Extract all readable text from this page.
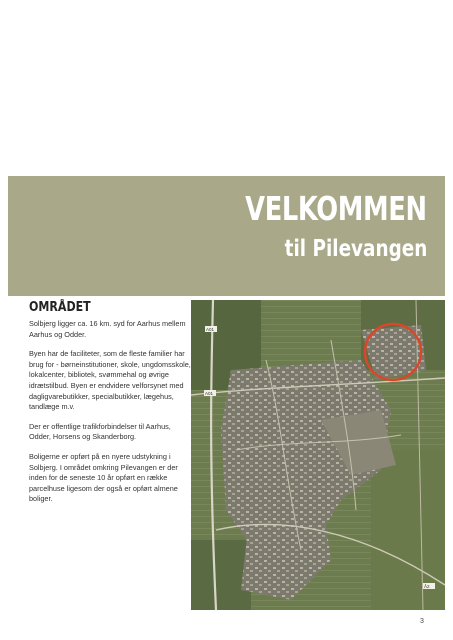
VELKOMMEN
til Pilevangen
OMRÅDET

Solbjerg ligger ca. 16 km. syd for Aarhus mellem Aarhus og Odder.

Byen har de faciliteter, som de fleste familier har brug for - børneinstitutioner, skole, ungdomsskole, lokalcenter, bibliotek, svømmehal og øvrige idrætstilbud. Byen er endvidere velforsynet med dagligvarebutikker, specialbutikker, lægehus, tandlæge m.v.

Der er offentlige trafikforbindelser til Aarhus, Odder, Horsens og Skanderborg.

Boligerne er opført på en nyere udstykning i Solbjerg. I området omkring Pilevangen er der inden for de seneste 10 år opført en række parcelhuse ligesom der også er opført almene boliger.

A01
A01
Å2
3
